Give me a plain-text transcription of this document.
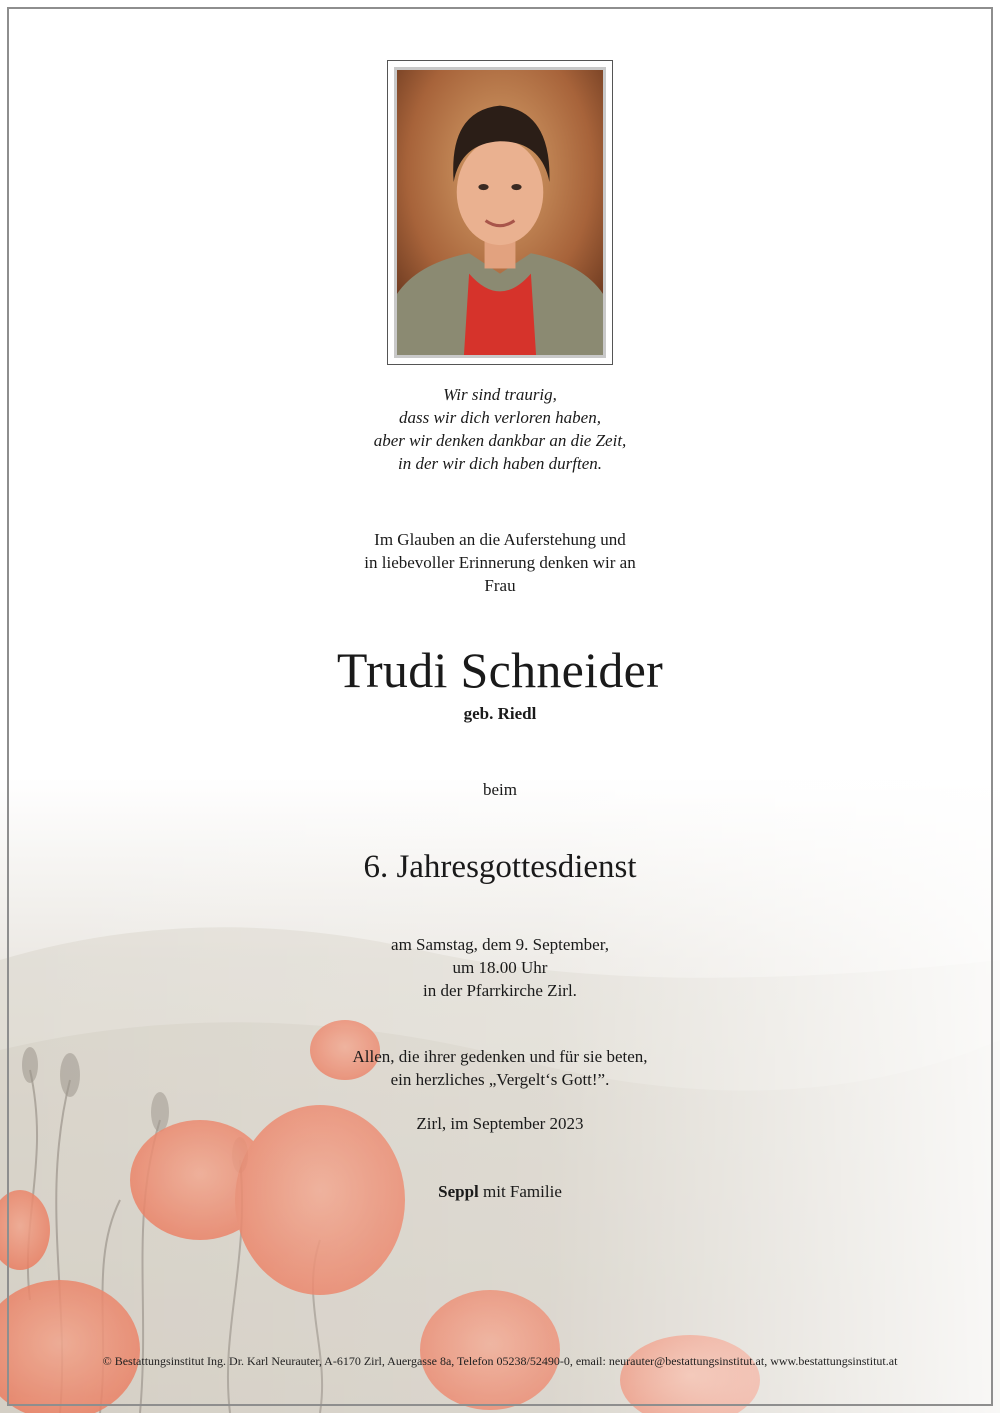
Wir sind traurig,
dass wir dich verloren haben,
aber wir denken dankbar an die Zeit,
in der wir dich haben durften.
Im Glauben an die Auferstehung und
in liebevoller Erinnerung denken wir an
Frau
Trudi Schneider
geb. Riedl
beim
6. Jahresgottesdienst
am Samstag, dem 9. September,
um 18.00 Uhr
in der Pfarrkirche Zirl.
Allen, die ihrer gedenken und für sie beten,
ein herzliches „Vergelt‘s Gott!”.
Zirl, im September 2023
Seppl mit Familie
© Bestattungsinstitut Ing. Dr. Karl Neurauter, A-6170 Zirl, Auergasse 8a, Telefon 05238/52490-0, email: neurauter@bestattungsinstitut.at, www.bestattungsinstitut.at
